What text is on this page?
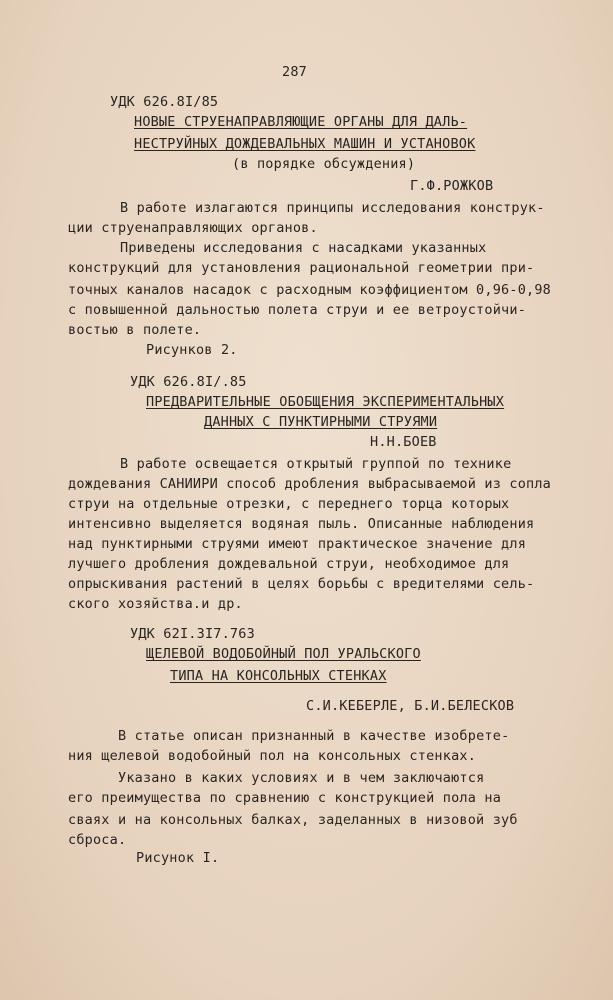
287
УДК 626.8I/85
НОВЫЕ СТРУЕНАПРАВЛЯЮЩИЕ ОРГАНЫ ДЛЯ ДАЛЬ-
НЕСТРУЙНЫХ ДОЖДЕВАЛЬНЫХ МАШИН И УСТАНОВОК
(в порядке обсуждения)
Г.Ф.РОЖКОВ
В работе излагаются принципы исследования конструк-
ции струенаправляющих органов.
Приведены исследования с насадками указанных
конструкций для установления рациональной геометрии при-
точных каналов насадок с расходным коэффициентом 0,96-0,98
с повышенной дальностью полета струи и ее ветроустойчи-
востью в полете.
Рисунков 2.
УДК 626.8I/.85
ПРЕДВАРИТЕЛЬНЫЕ ОБОБЩЕНИЯ ЭКСПЕРИМЕНТАЛЬНЫХ
ДАННЫХ С ПУНКТИРНЫМИ СТРУЯМИ
Н.Н.БОЕВ
В работе освещается открытый группой по технике
дождевания САНИИРИ способ дробления выбрасываемой из сопла
струи на отдельные отрезки, с переднего торца которых
интенсивно выделяется водяная пыль. Описанные наблюдения
над пунктирными струями имеют практическое значение для
лучшего дробления дождевальной струи, необходимое для
опрыскивания растений в целях борьбы с вредителями сель-
ского хозяйства.и др.
УДК 62I.3I7.763
ЩЕЛЕВОЙ ВОДОБОЙНЫЙ ПОЛ УРАЛЬСКОГО
ТИПА НА КОНСОЛЬНЫХ СТЕНКАХ
С.И.КЕБЕРЛЕ, Б.И.БЕЛЕСКОВ
В статье описан признанный в качестве изобрете-
ния щелевой водобойный пол на консольных стенках.
Указано в каких условиях и в чем заключаются
его преимущества по сравнению с конструкцией пола на
сваях и на консольных балках, заделанных в низовой зуб
сброса.
Рисунок I.
